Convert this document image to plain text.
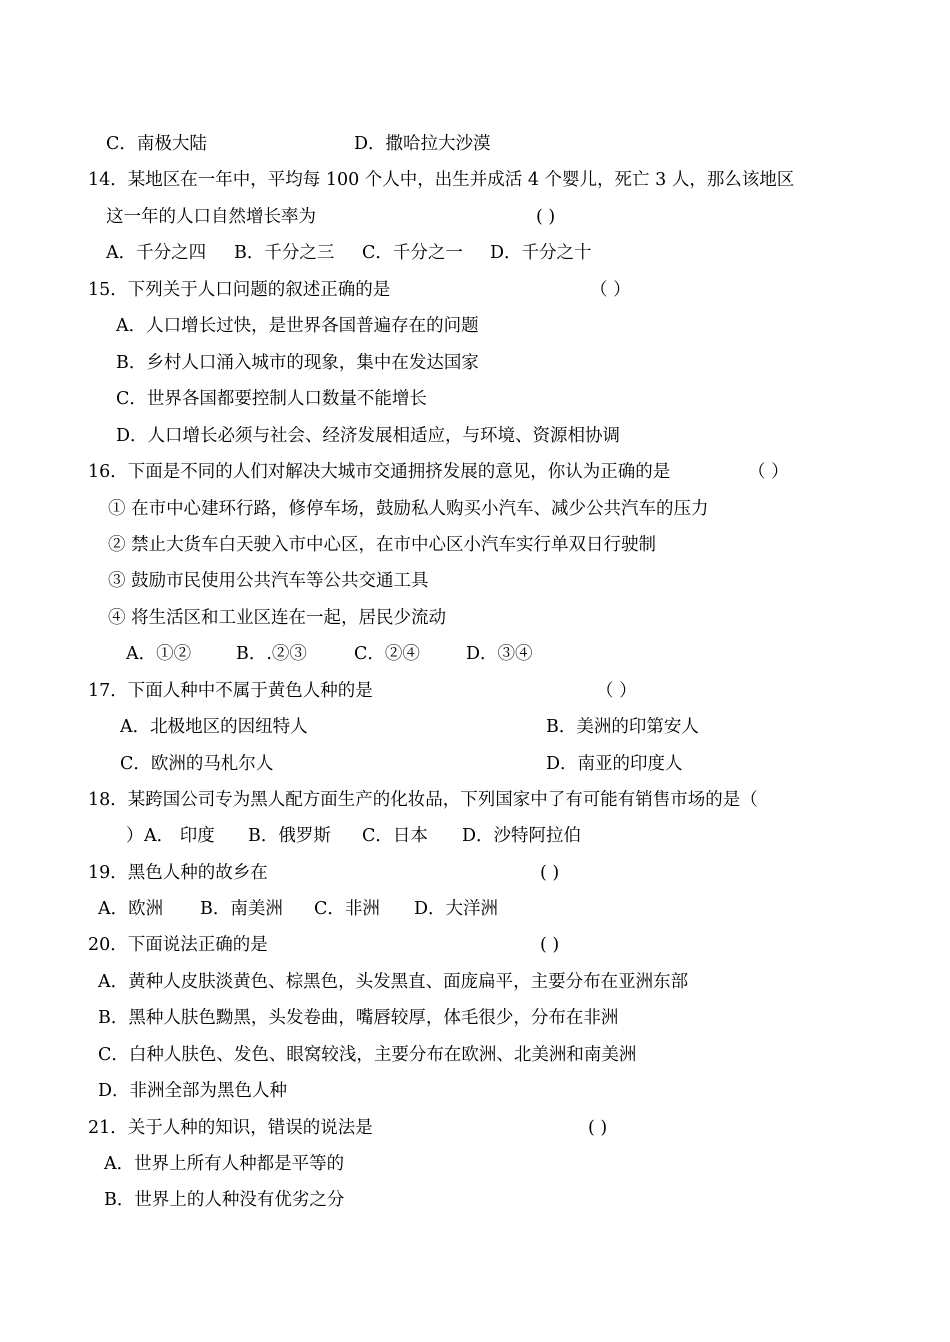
C．南极大陆	D．撒哈拉大沙漠
14．某地区在一年中，平均每 100 个人中，出生并成活 4 个婴儿，死亡 3 人，那么该地区
这一年的人口自然增长率为	( )
A．千分之四 B．千分之三 C．千分之一 D．千分之十
15．下列关于人口问题的叙述正确的是	（ ）
A．人口增长过快，是世界各国普遍存在的问题
B．乡村人口涌入城市的现象，集中在发达国家
C．世界各国都要控制人口数量不能增长
D．人口增长必须与社会、经济发展相适应，与环境、资源相协调
16．下面是不同的人们对解决大城市交通拥挤发展的意见，你认为正确的是	（ ）
① 在市中心建环行路，修停车场，鼓励私人购买小汽车、减少公共汽车的压力
② 禁止大货车白天驶入市中心区，在市中心区小汽车实行单双日行驶制
③ 鼓励市民使用公共汽车等公共交通工具
④ 将生活区和工业区连在一起，居民少流动
A．①②	B．.②③	C．②④	D．③④
17．下面人种中不属于黄色人种的是	（ ）
A．北极地区的因纽特人	B．美洲的印第安人
C．欧洲的马札尔人	D．南亚的印度人
18．某跨国公司专为黑人配方面生产的化妆品，下列国家中了有可能有销售市场的是（
） A． 印度 B．俄罗斯 C．日本 D．沙特阿拉伯
19．黑色人种的故乡在	( )
A．欧洲 B．南美洲 C．非洲 D．大洋洲
20．下面说法正确的是	( )
A．黄种人皮肤淡黄色、棕黑色，头发黑直、面庞扁平，主要分布在亚洲东部
B．黑种人肤色黝黑，头发卷曲，嘴唇较厚，体毛很少，分布在非洲
C．白种人肤色、发色、眼窝较浅，主要分布在欧洲、北美洲和南美洲
D．非洲全部为黑色人种
21．关于人种的知识，错误的说法是	( )
A．世界上所有人种都是平等的
B．世界上的人种没有优劣之分
